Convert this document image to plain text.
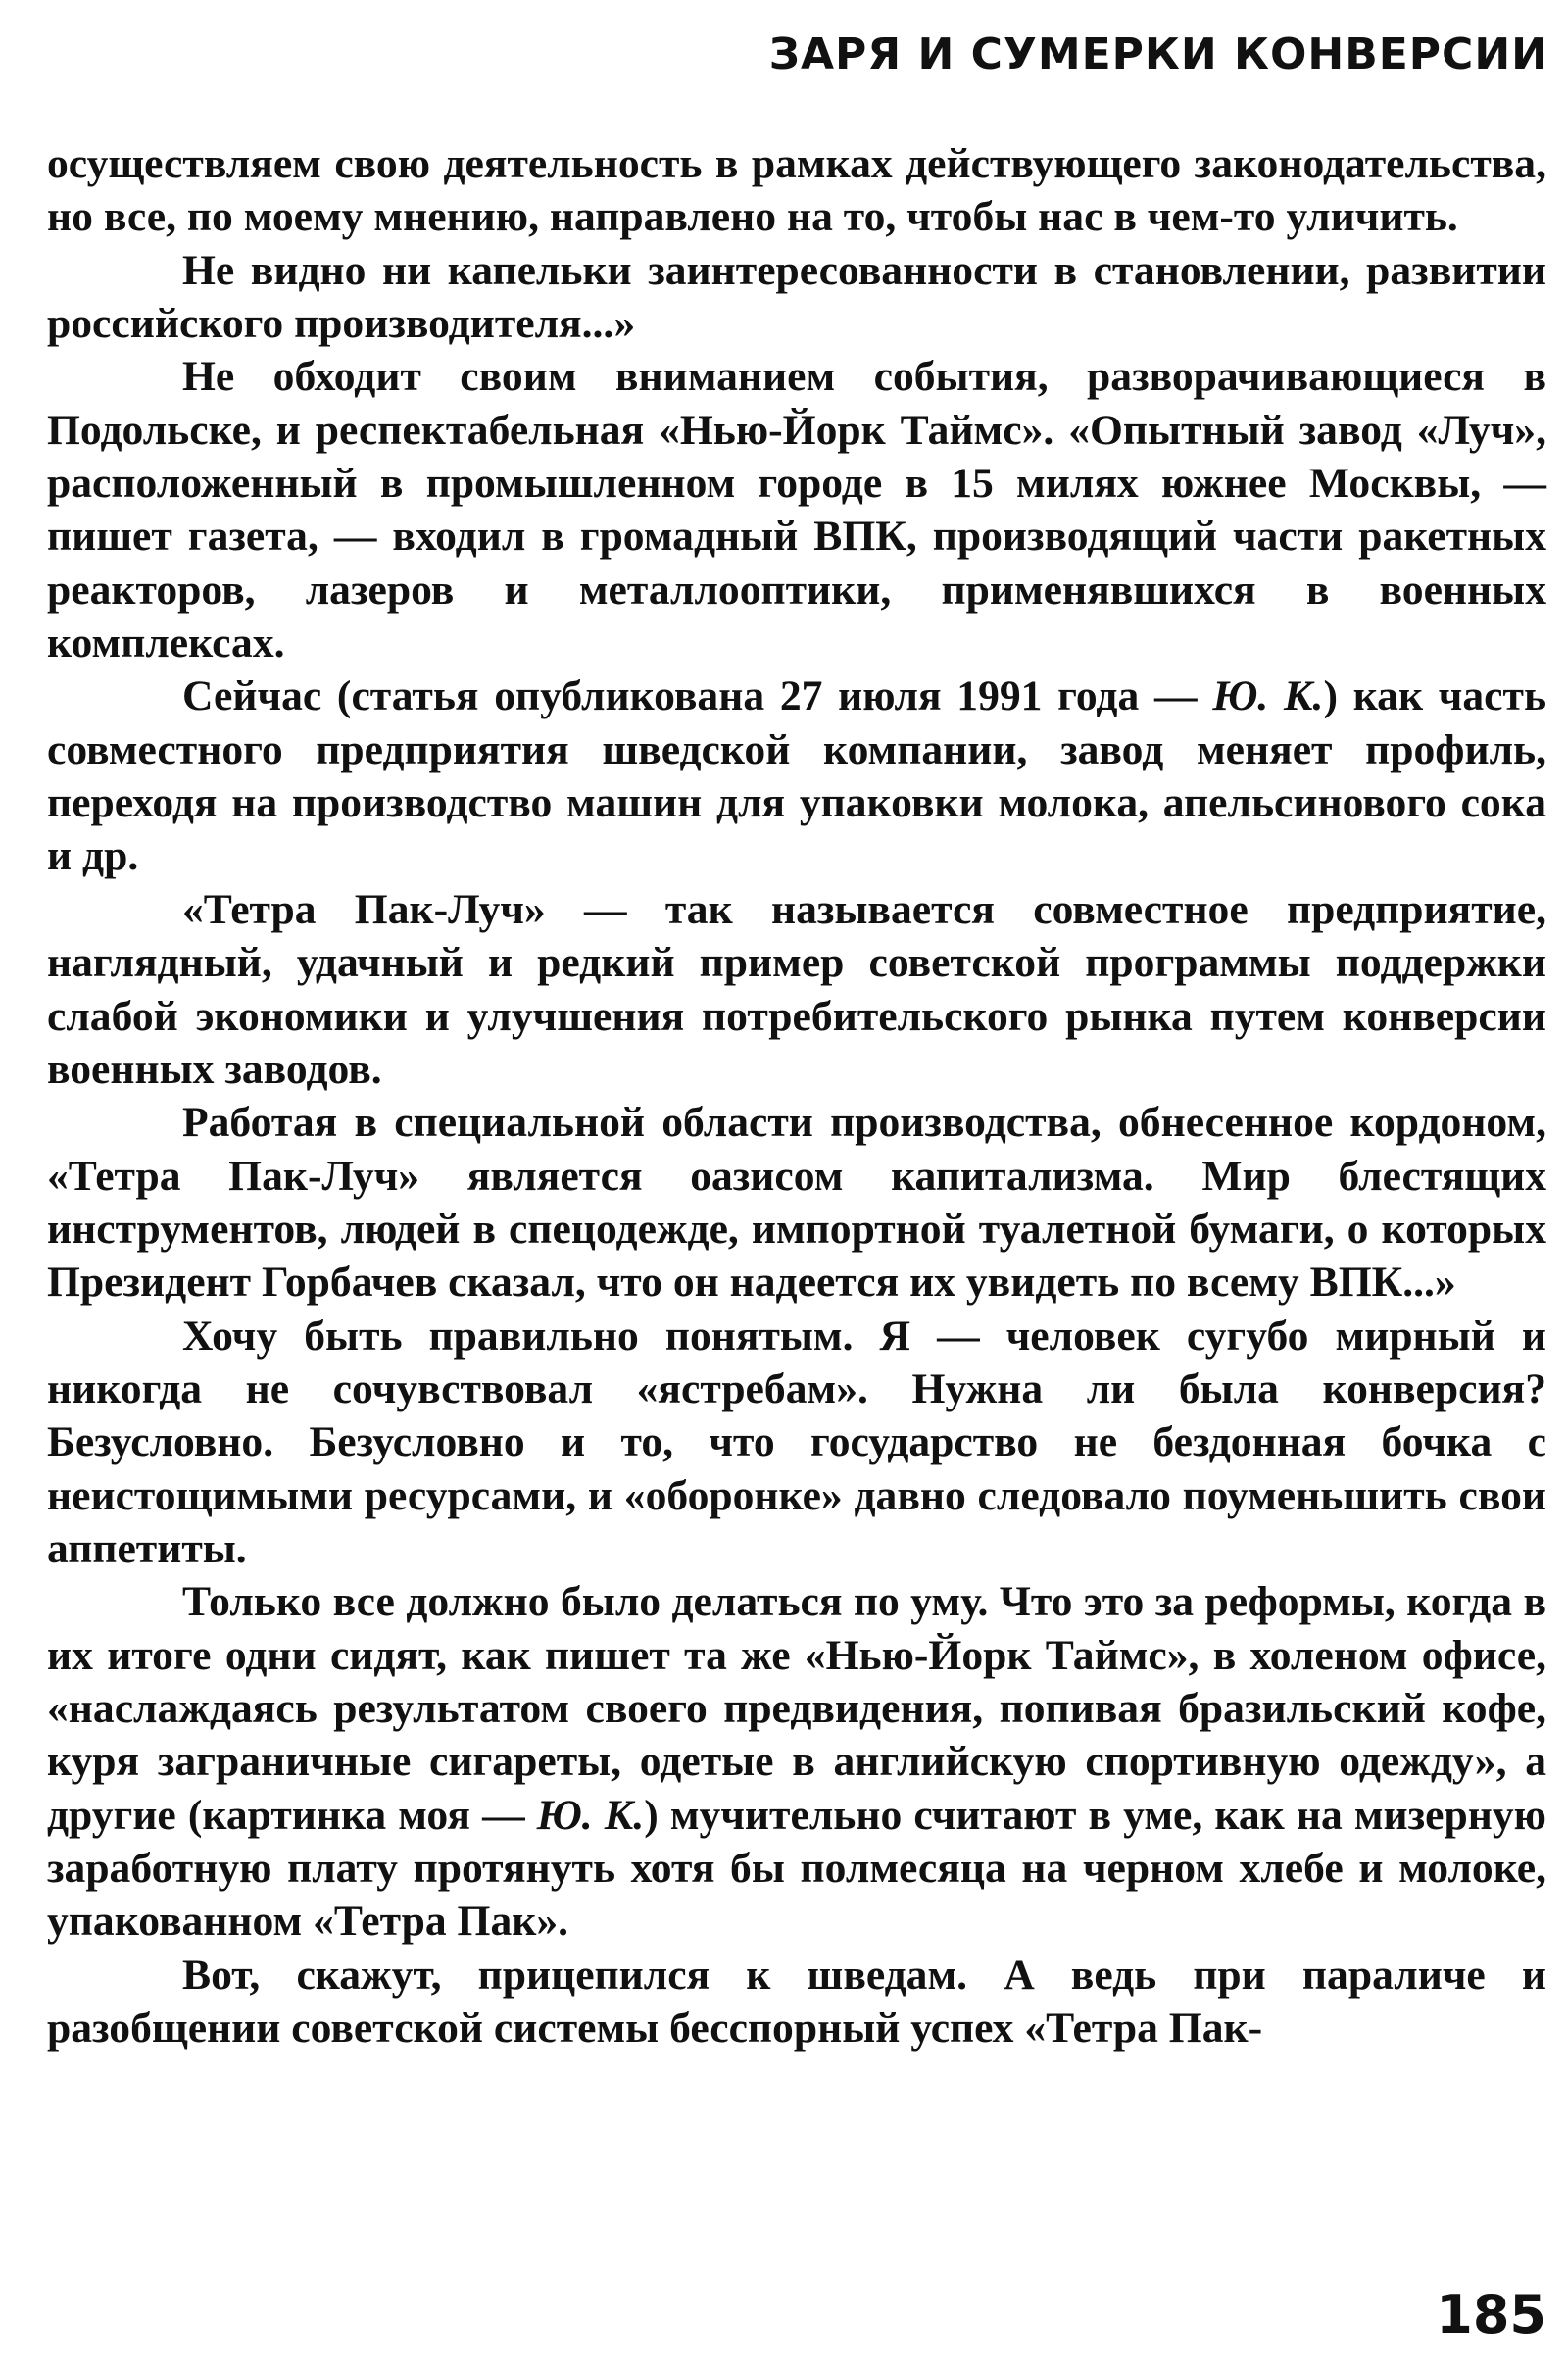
ЗАРЯ И СУМЕРКИ КОНВЕРСИИ

осуществляем свою деятельность в рамках действующего законодательства, но все, по моему мнению, направлено на то, чтобы нас в чем-то уличить.

Не видно ни капельки заинтересованности в становлении, развитии российского производителя...»

Не обходит своим вниманием события, разворачивающиеся в Подольске, и респектабельная «Нью-Йорк Таймс». «Опытный завод «Луч», расположенный в промышленном городе в 15 милях южнее Москвы, — пишет газета, — входил в громадный ВПК, производящий части ракетных реакторов, лазеров и металлооптики, применявшихся в военных комплексах.

Сейчас (статья опубликована 27 июля 1991 года — Ю. К.) как часть совместного предприятия шведской компании, завод меняет профиль, переходя на производство машин для упаковки молока, апельсинового сока и др.

«Тетра Пак-Луч» — так называется совместное предприятие, наглядный, удачный и редкий пример советской программы поддержки слабой экономики и улучшения потребительского рынка путем конверсии военных заводов.

Работая в специальной области производства, обнесенное кордоном, «Тетра Пак-Луч» является оазисом капитализма. Мир блестящих инструментов, людей в спецодежде, импортной туалетной бумаги, о которых Президент Горбачев сказал, что он надеется их увидеть по всему ВПК...»

Хочу быть правильно понятым. Я — человек сугубо мирный и никогда не сочувствовал «ястребам». Нужна ли была конверсия? Безусловно. Безусловно и то, что государство не бездонная бочка с неистощимыми ресурсами, и «оборонке» давно следовало поуменьшить свои аппетиты.

Только все должно было делаться по уму. Что это за реформы, когда в их итоге одни сидят, как пишет та же «Нью-Йорк Таймс», в холеном офисе, «наслаждаясь результатом своего предвидения, попивая бразильский кофе, куря заграничные сигареты, одетые в английскую спортивную одежду», а другие (картинка моя — Ю. К.) мучительно считают в уме, как на мизерную заработную плату протянуть хотя бы полмесяца на черном хлебе и молоке, упакованном «Тетра Пак».

Вот, скажут, прицепился к шведам. А ведь при параличе и разобщении советской системы бесспорный успех «Тетра Пак-

185
